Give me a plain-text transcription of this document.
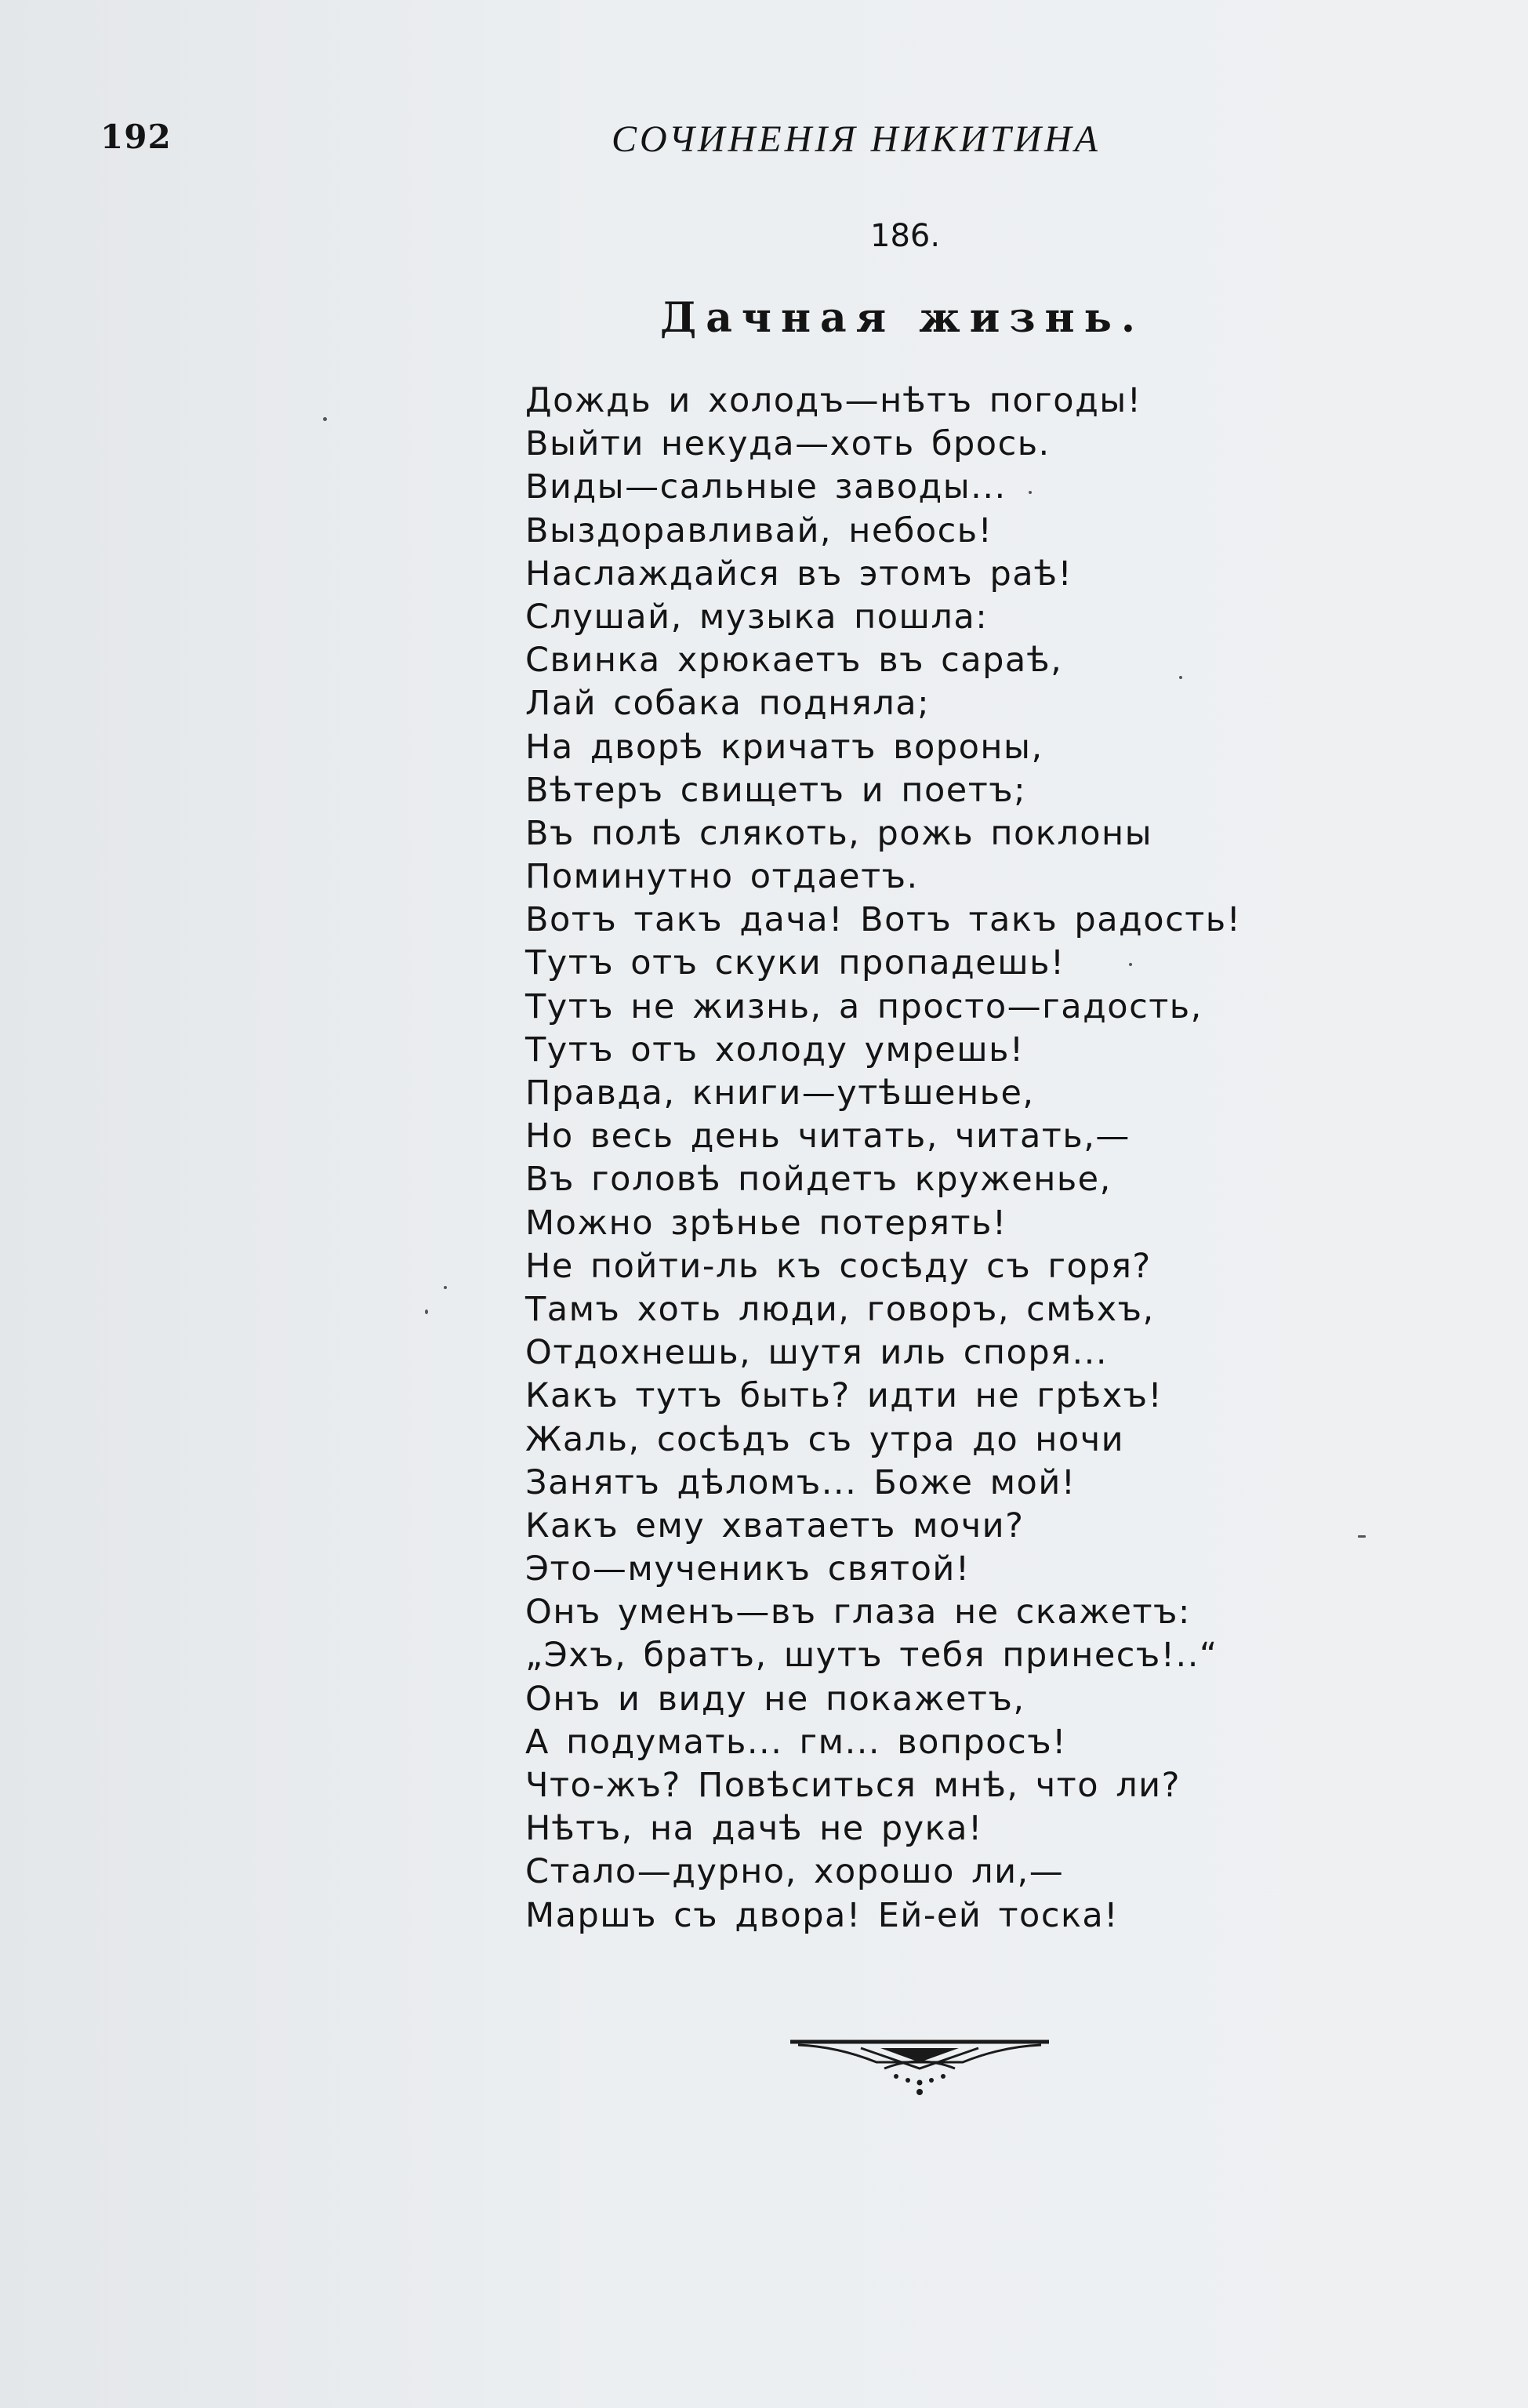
192	СОЧИНЕНІЯ НИКИТИНА
186.
Дачная жизнь.
Дождь и холодъ—нѣтъ погоды!
Выйти некуда—хоть брось.
Виды—сальные заводы...
Выздоравливай, небось!
Наслаждайся въ этомъ раѣ!
Слушай, музыка пошла:
Свинка хрюкаетъ въ сараѣ,
Лай собака подняла;
На дворѣ кричатъ вороны,
Вѣтеръ свищетъ и поетъ;
Въ полѣ слякоть, рожь поклоны
Поминутно отдаетъ.
Вотъ такъ дача! Вотъ такъ радость!
Тутъ отъ скуки пропадешь!
Тутъ не жизнь, а просто—гадость,
Тутъ отъ холоду умрешь!
Правда, книги—утѣшенье,
Но весь день читать, читать,—
Въ головѣ пойдетъ круженье,
Можно зрѣнье потерять!
Не пойти-ль къ сосѣду съ горя?
Тамъ хоть люди, говоръ, смѣхъ,
Отдохнешь, шутя иль споря...
Какъ тутъ быть? идти не грѣхъ!
Жаль, сосѣдъ съ утра до ночи
Занятъ дѣломъ... Боже мой!
Какъ ему хватаетъ мочи?
Это—мученикъ святой!
Онъ уменъ—въ глаза не скажетъ:
„Эхъ, братъ, шутъ тебя принесъ!..“
Онъ и виду не покажетъ,
А подумать... гм... вопросъ!
Что-жъ? Повѣситься мнѣ, что ли?
Нѣтъ, на дачѣ не рука!
Стало—дурно, хорошо ли,—
Маршъ съ двора! Ей-ей тоска!
